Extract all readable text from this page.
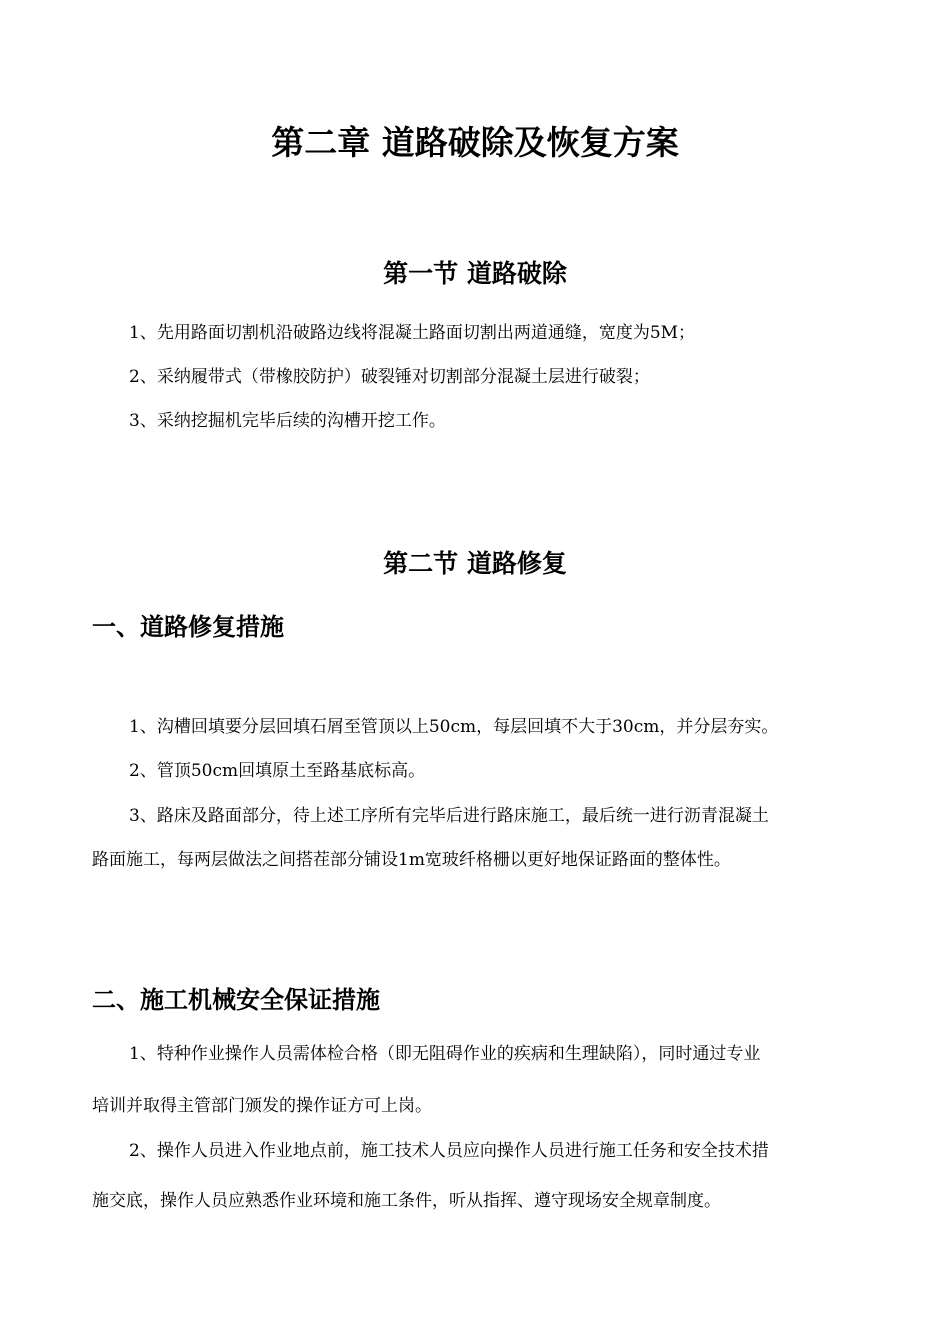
第二章 道路破除及恢复方案
第一节 道路破除

1、先用路面切割机沿破路边线将混凝土路面切割出两道通缝，宽度为5M；

2、采纳履带式（带橡胶防护）破裂锤对切割部分混凝土层进行破裂；

3、采纳挖掘机完毕后续的沟槽开挖工作。

第二节 道路修复
一、道路修复措施

1、沟槽回填要分层回填石屑至管顶以上50cm，每层回填不大于30cm，并分层夯实。

2、管顶50cm回填原土至路基底标高。

3、路床及路面部分，待上述工序所有完毕后进行路床施工，最后统一进行沥青混凝土

路面施工，每两层做法之间搭茬部分铺设1m宽玻纤格栅以更好地保证路面的整体性。

二、施工机械安全保证措施

1、特种作业操作人员需体检合格（即无阻碍作业的疾病和生理缺陷），同时通过专业

培训并取得主管部门颁发的操作证方可上岗。

2、操作人员进入作业地点前，施工技术人员应向操作人员进行施工任务和安全技术措

施交底，操作人员应熟悉作业环境和施工条件，听从指挥、遵守现场安全规章制度。
